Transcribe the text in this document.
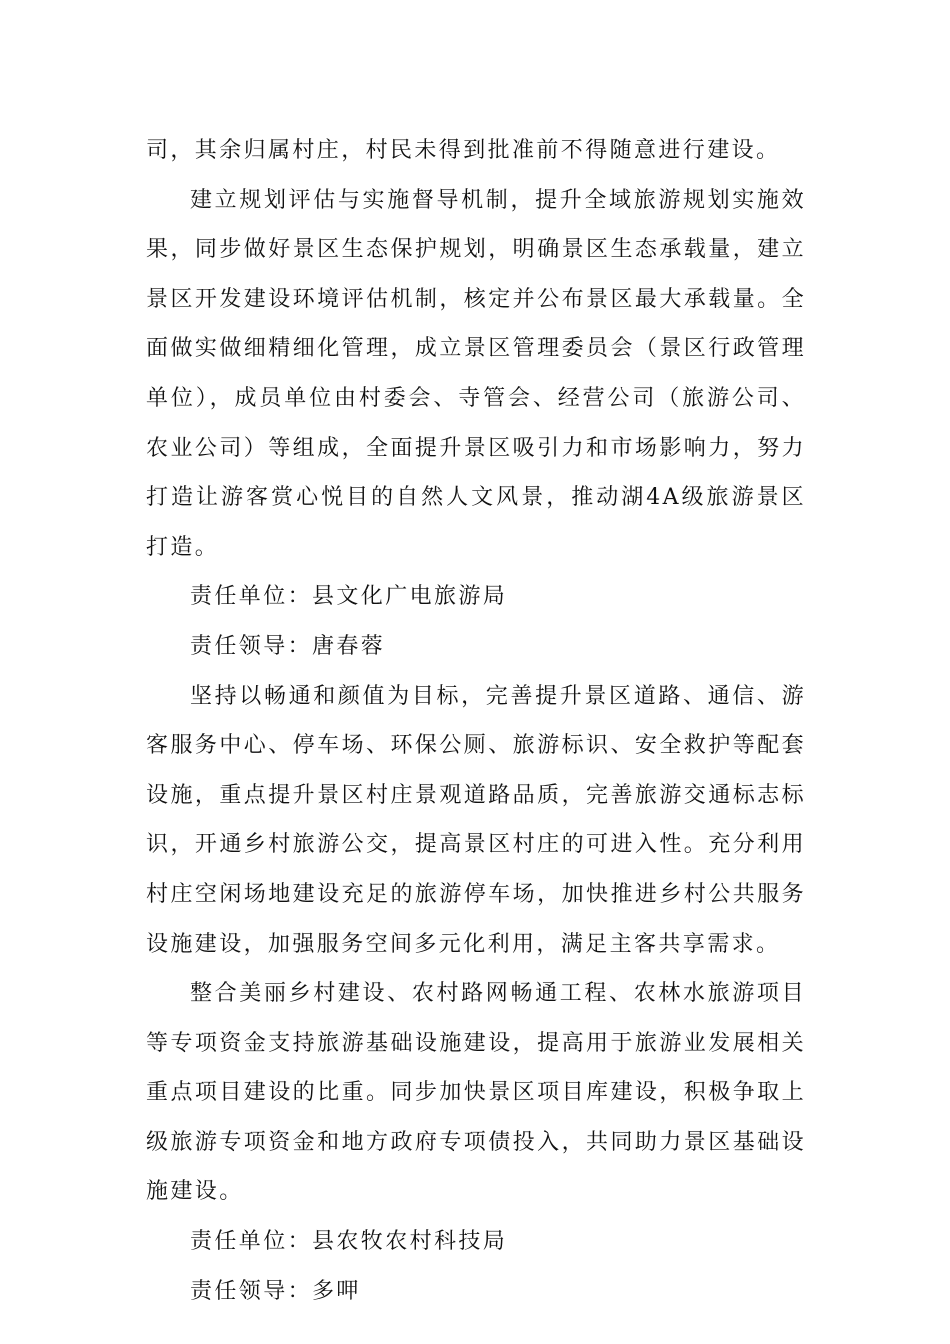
司，其余归属村庄，村民未得到批准前不得随意进行建设。

建立规划评估与实施督导机制，提升全域旅游规划实施效果，同步做好景区生态保护规划，明确景区生态承载量，建立景区开发建设环境评估机制，核定并公布景区最大承载量。全面做实做细精细化管理，成立景区管理委员会（景区行政管理单位），成员单位由村委会、寺管会、经营公司（旅游公司、农业公司）等组成，全面提升景区吸引力和市场影响力，努力打造让游客赏心悦目的自然人文风景，推动湖4A级旅游景区打造。

责任单位：县文化广电旅游局

责任领导：唐春蓉

坚持以畅通和颜值为目标，完善提升景区道路、通信、游客服务中心、停车场、环保公厕、旅游标识、安全救护等配套设施，重点提升景区村庄景观道路品质，完善旅游交通标志标识，开通乡村旅游公交，提高景区村庄的可进入性。充分利用村庄空闲场地建设充足的旅游停车场，加快推进乡村公共服务设施建设，加强服务空间多元化利用，满足主客共享需求。

整合美丽乡村建设、农村路网畅通工程、农林水旅游项目等专项资金支持旅游基础设施建设，提高用于旅游业发展相关重点项目建设的比重。同步加快景区项目库建设，积极争取上级旅游专项资金和地方政府专项债投入，共同助力景区基础设施建设。

责任单位：县农牧农村科技局

责任领导：多呷
